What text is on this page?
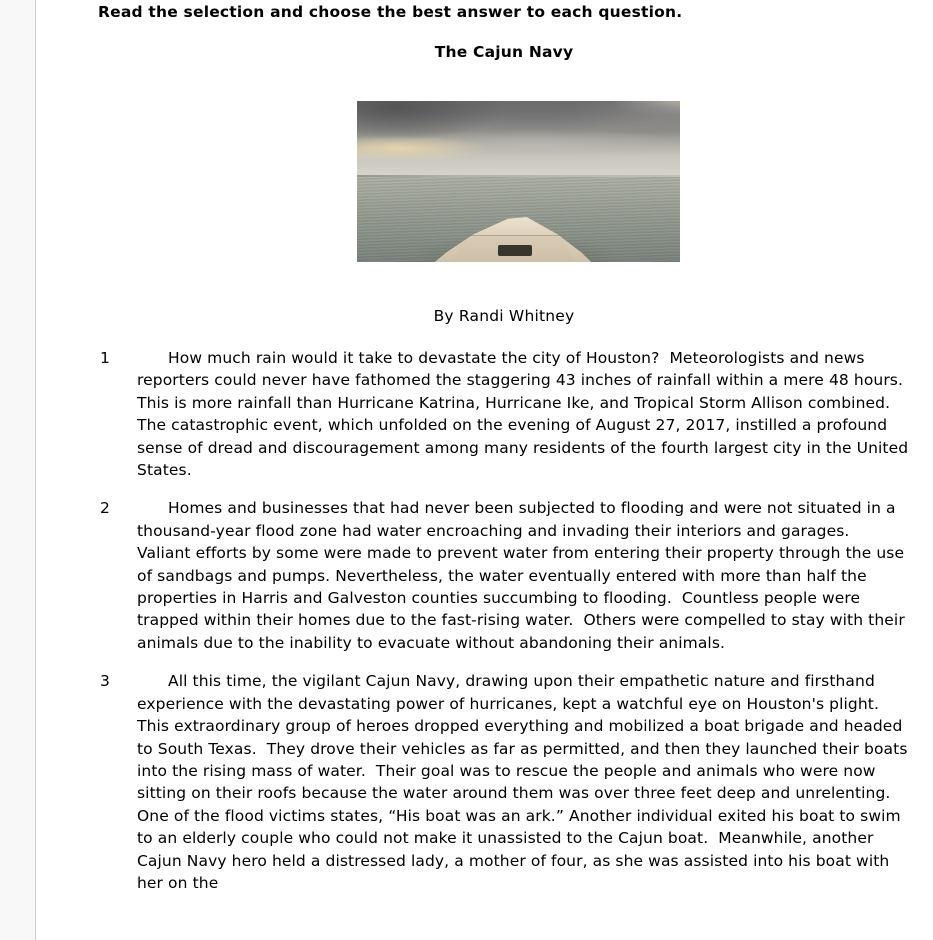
Read the selection and choose the best answer to each question.
The Cajun Navy
By Randi Whitney
1	How much rain would it take to devastate the city of Houston?  Meteorologists and news reporters could never have fathomed the staggering 43 inches of rainfall within a mere 48 hours.  This is more rainfall than Hurricane Katrina, Hurricane Ike, and Tropical Storm Allison combined.  The catastrophic event, which unfolded on the evening of August 27, 2017, instilled a profound sense of dread and discouragement among many residents of the fourth largest city in the United States.
2	Homes and businesses that had never been subjected to flooding and were not situated in a thousand-year flood zone had water encroaching and invading their interiors and garages.  Valiant efforts by some were made to prevent water from entering their property through the use of sandbags and pumps. Nevertheless, the water eventually entered with more than half the properties in Harris and Galveston counties succumbing to flooding.  Countless people were trapped within their homes due to the fast-rising water.  Others were compelled to stay with their animals due to the inability to evacuate without abandoning their animals.
3	All this time, the vigilant Cajun Navy, drawing upon their empathetic nature and firsthand experience with the devastating power of hurricanes, kept a watchful eye on Houston's plight.  This extraordinary group of heroes dropped everything and mobilized a boat brigade and headed to South Texas.  They drove their vehicles as far as permitted, and then they launched their boats into the rising mass of water.  Their goal was to rescue the people and animals who were now sitting on their roofs because the water around them was over three feet deep and unrelenting.  One of the flood victims states, “His boat was an ark.” Another individual exited his boat to swim to an elderly couple who could not make it unassisted to the Cajun boat.  Meanwhile, another Cajun Navy hero held a distressed lady, a mother of four, as she was assisted into his boat with her on the
